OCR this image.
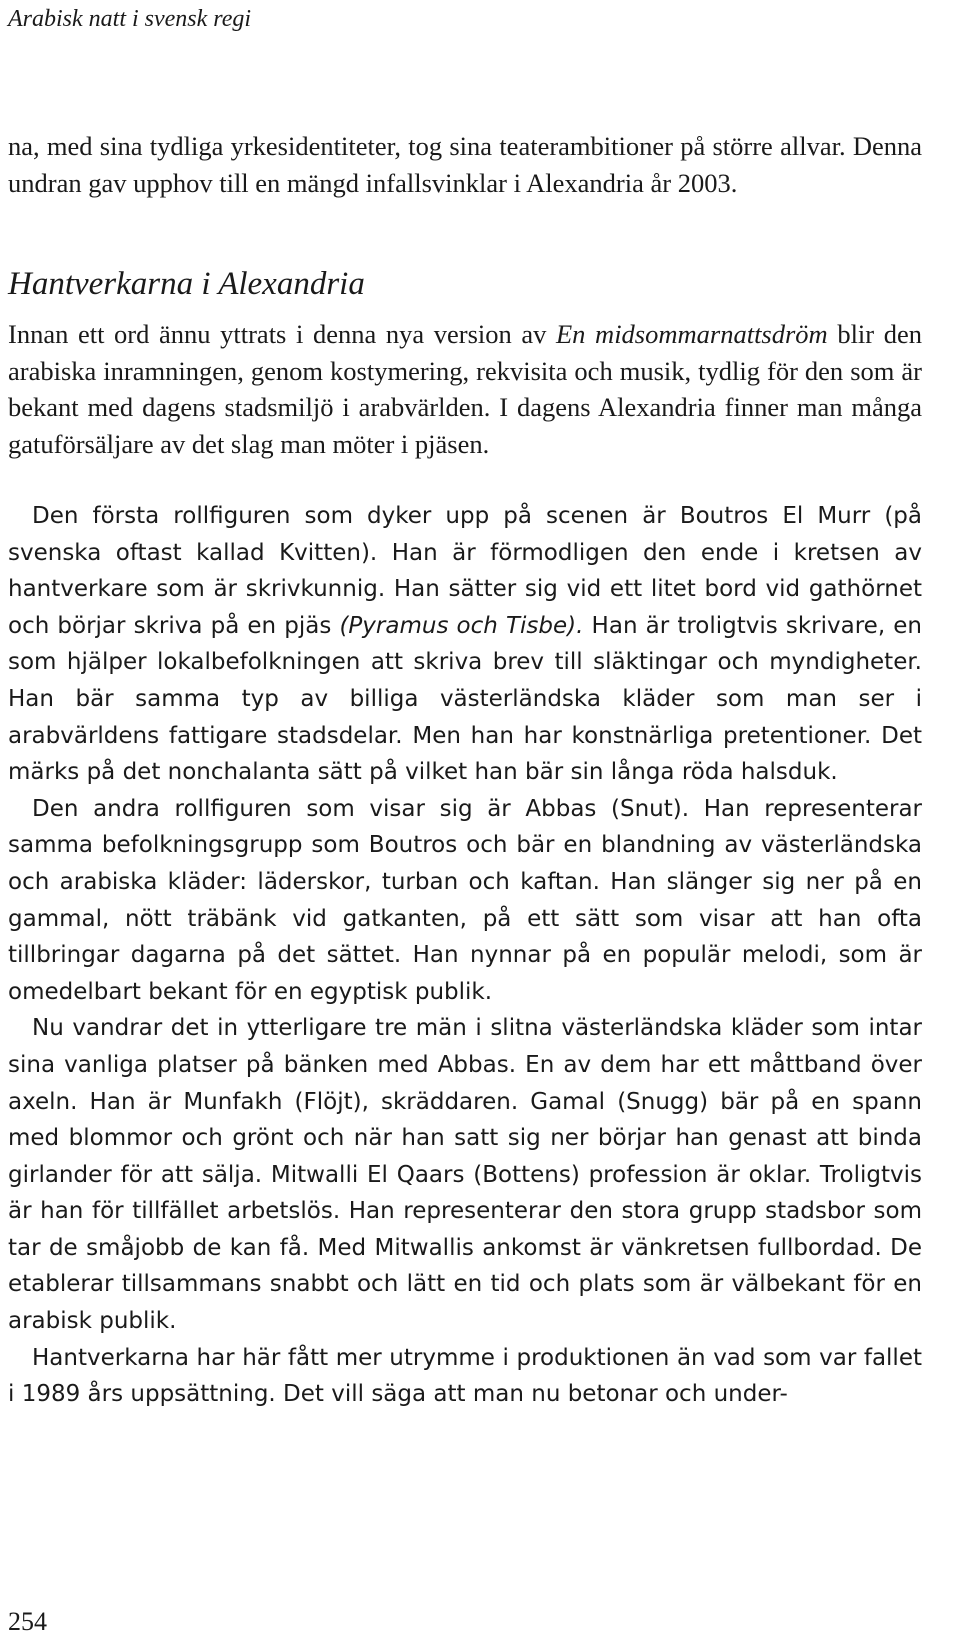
Arabisk natt i svensk regi

na, med sina tydliga yrkesidentiteter, tog sina teaterambitioner på större allvar. Denna undran gav upphov till en mängd infallsvinklar i Alexandria år 2003.

Hantverkarna i Alexandria

Innan ett ord ännu yttrats i denna nya version av En midsommarnattsdröm blir den arabiska inramningen, genom kostymering, rekvisita och musik, tydlig för den som är bekant med dagens stadsmiljö i arabvärlden. I dagens Alexandria finner man många gatuförsäljare av det slag man möter i pjäsen.

Den första rollfiguren som dyker upp på scenen är Boutros El Murr (på svenska oftast kallad Kvitten). Han är förmodligen den ende i kretsen av hantverkare som är skrivkunnig. Han sätter sig vid ett litet bord vid gathörnet och börjar skriva på en pjäs (Pyramus och Tisbe). Han är troligtvis skrivare, en som hjälper lokalbefolkningen att skriva brev till släktingar och myndigheter. Han bär samma typ av billiga västerländska kläder som man ser i arabvärldens fattigare stadsdelar. Men han har konstnärliga pretentioner. Det märks på det nonchalanta sätt på vilket han bär sin långa röda halsduk.

Den andra rollfiguren som visar sig är Abbas (Snut). Han representerar samma befolkningsgrupp som Boutros och bär en blandning av västerländska och arabiska kläder: läderskor, turban och kaftan. Han slänger sig ner på en gammal, nött träbänk vid gatkanten, på ett sätt som visar att han ofta tillbringar dagarna på det sättet. Han nynnar på en populär melodi, som är omedelbart bekant för en egyptisk publik.

Nu vandrar det in ytterligare tre män i slitna västerländska kläder som intar sina vanliga platser på bänken med Abbas. En av dem har ett måttband över axeln. Han är Munfakh (Flöjt), skräddaren. Gamal (Snugg) bär på en spann med blommor och grönt och när han satt sig ner börjar han genast att binda girlander för att sälja. Mitwalli El Qaars (Bottens) profession är oklar. Troligtvis är han för tillfället arbetslös. Han representerar den stora grupp stadsbor som tar de småjobb de kan få. Med Mitwallis ankomst är vänkretsen fullbordad. De etablerar tillsammans snabbt och lätt en tid och plats som är välbekant för en arabisk publik.

Hantverkarna har här fått mer utrymme i produktionen än vad som var fallet i 1989 års uppsättning. Det vill säga att man nu betonar och under-

254
